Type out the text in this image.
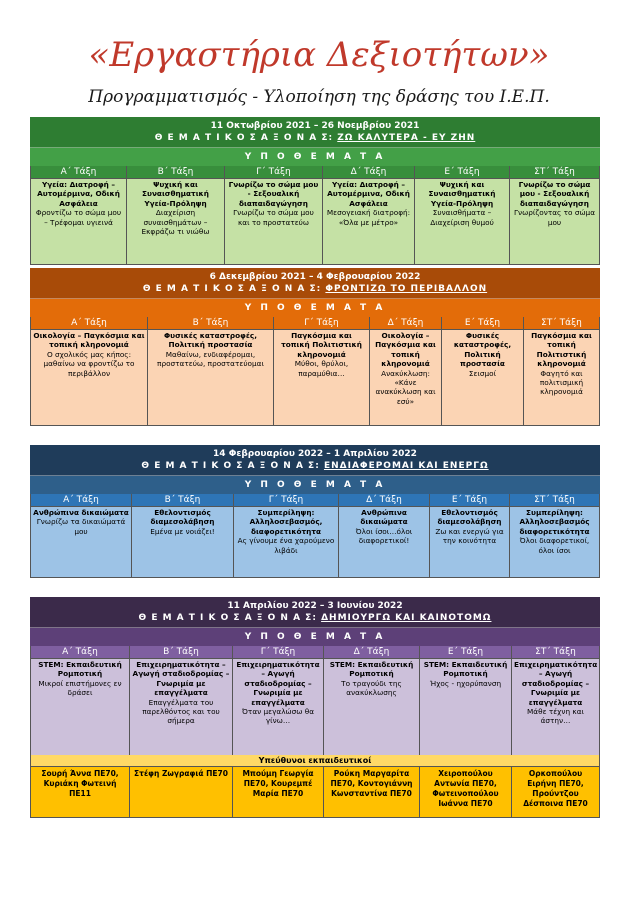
«Εργαστήρια Δεξιοτήτων»
Προγραμματισμός - Υλοποίηση της δράσης του Ι.Ε.Π.
11 Οκτωβρίου 2021 – 26 Νοεμβρίου 2021
Θ Ε Μ Α Τ Ι Κ Ο Σ Α Ξ Ο Ν Α Σ: ΖΩ ΚΑΛΥΤΕΡΑ - ΕΥ ΖΗΝ
Υ Π Ο Θ Ε Μ Α Τ Α
Α΄ Τάξη
Υγεία: Διατροφή – Αυτομέρμινα, Οδική Ασφάλεια
Φροντίζω το σώμα μου – Τρέφομαι υγιεινά
Β΄ Τάξη
Ψυχική και Συναισθηματική Υγεία-Πρόληψη
Διαχείριση συναισθημάτων – Εκφράζω τι νιώθω
Γ΄ Τάξη
Γνωρίζω το σώμα μου - Σεξουαλική διαπαιδαγώγηση
Γνωρίζω το σώμα μου και το προστατεύω
Δ΄ Τάξη
Υγεία: Διατροφή – Αυτομέρμινα, Οδική Ασφάλεια
Μεσογειακή διατροφή: «Όλα με μέτρο»
Ε΄ Τάξη
Ψυχική και Συναισθηματική Υγεία-Πρόληψη
Συναισθήματα – Διαχείριση θυμού
ΣΤ΄ Τάξη
Γνωρίζω το σώμα μου - Σεξουαλική διαπαιδαγώγηση
Γνωρίζοντας το σώμα μου
6 Δεκεμβρίου 2021 – 4 Φεβρουαρίου 2022
Θ Ε Μ Α Τ Ι Κ Ο Σ Α Ξ Ο Ν Α Σ: ΦΡΟΝΤΙΖΩ ΤΟ ΠΕΡΙΒΑΛΛΟΝ
Υ Π Ο Θ Ε Μ Α Τ Α
Α΄ Τάξη
Οικολογία – Παγκόσμια και τοπική κληρονομιά
Ο σχολικός μας κήπος: μαθαίνω να φροντίζω το περιβάλλον
Β΄ Τάξη
Φυσικές καταστροφές, Πολιτική προστασία
Μαθαίνω, ενδιαφέρομαι, προστατεύω, προστατεύομαι
Γ΄ Τάξη
Παγκόσμια και τοπική Πολιτιστική κληρονομιά
Μύθοι, θρύλοι, παραμύθια…
Δ΄ Τάξη
Οικολογία – Παγκόσμια και τοπική κληρονομιά
Ανακύκλωση: «Κάνε ανακύκλωση και εσύ»
Ε΄ Τάξη
Φυσικές καταστροφές, Πολιτική προστασία
Σεισμοί
ΣΤ΄ Τάξη
Παγκόσμια και τοπική Πολιτιστική κληρονομιά
Φαγητό και πολιτισμική κληρονομιά
14 Φεβρουαρίου 2022 – 1 Απριλίου 2022
Θ Ε Μ Α Τ Ι Κ Ο Σ Α Ξ Ο Ν Α Σ: ΕΝΔΙΑΦΕΡΟΜΑΙ ΚΑΙ ΕΝΕΡΓΩ
Υ Π Ο Θ Ε Μ Α Τ Α
Α΄ Τάξη
Ανθρώπινα δικαιώματα
Γνωρίζω τα δικαιώματά μου
Β΄ Τάξη
Εθελοντισμός διαμεσολάβηση
Εμένα με νοιάζει!
Γ΄ Τάξη
Συμπερίληψη: Αλληλοσεβασμός, διαφορετικότητα
Ας γίνουμε ένα χαρούμενο λιβάδι
Δ΄ Τάξη
Ανθρώπινα δικαιώματα
Όλοι ίσοι…όλοι διαφορετικοί!
Ε΄ Τάξη
Εθελοντισμός διαμεσολάβηση
Ζω και ενεργώ για την κοινότητα
ΣΤ΄ Τάξη
Συμπερίληψη: Αλληλοσεβασμός διαφορετικότητα
Όλοι διαφορετικοί, όλοι ίσοι
11 Απριλίου 2022 – 3 Ιουνίου 2022
Θ Ε Μ Α Τ Ι Κ Ο Σ Α Ξ Ο Ν Α Σ: ΔΗΜΙΟΥΡΓΩ ΚΑΙ ΚΑΙΝΟΤΟΜΩ
Υ Π Ο Θ Ε Μ Α Τ Α
Α΄ Τάξη
STEM: Εκπαιδευτική Ρομποτική
Μικροί επιστήμονες εν δράσει
Β΄ Τάξη
Επιχειρηματικότητα – Αγωγή σταδιοδρομίας – Γνωριμία με επαγγέλματα
Επαγγέλματα του παρελθόντος και του σήμερα
Γ΄ Τάξη
Επιχειρηματικότητα – Αγωγή σταδιοδρομίας – Γνωριμία με επαγγέλματα
Όταν μεγαλώσω θα γίνω…
Δ΄ Τάξη
STEM: Εκπαιδευτική Ρομποτική
Το τραγούδι της ανακύκλωσης
Ε΄ Τάξη
STEM: Εκπαιδευτική Ρομποτική
Ήχος - ηχορύπανση
ΣΤ΄ Τάξη
Επιχειρηματικότητα – Αγωγή σταδιοδρομίας – Γνωριμία με επαγγέλματα
Μάθε τέχνη και άστην…
Υπεύθυνοι εκπαιδευτικοί
Σουρή Άννα ΠΕ70, Κυριάκη Φωτεινή ΠΕ11
Στέφη Ζωγραφιά ΠΕ70	Μπούμη Γεωργία ΠΕ70, Κουρεμπέ Μαρία ΠΕ70
Ρούκη Μαργαρίτα ΠΕ70, Κοντογιάννη Κωνσταντίνα ΠΕ70
Χειροπούλου Αντωνία ΠΕ70, Φωτεινοπούλου Ιωάννα ΠΕ70
Ορκοπούλου Ειρήνη ΠΕ70, Προύντζου Δέσποινα ΠΕ70
